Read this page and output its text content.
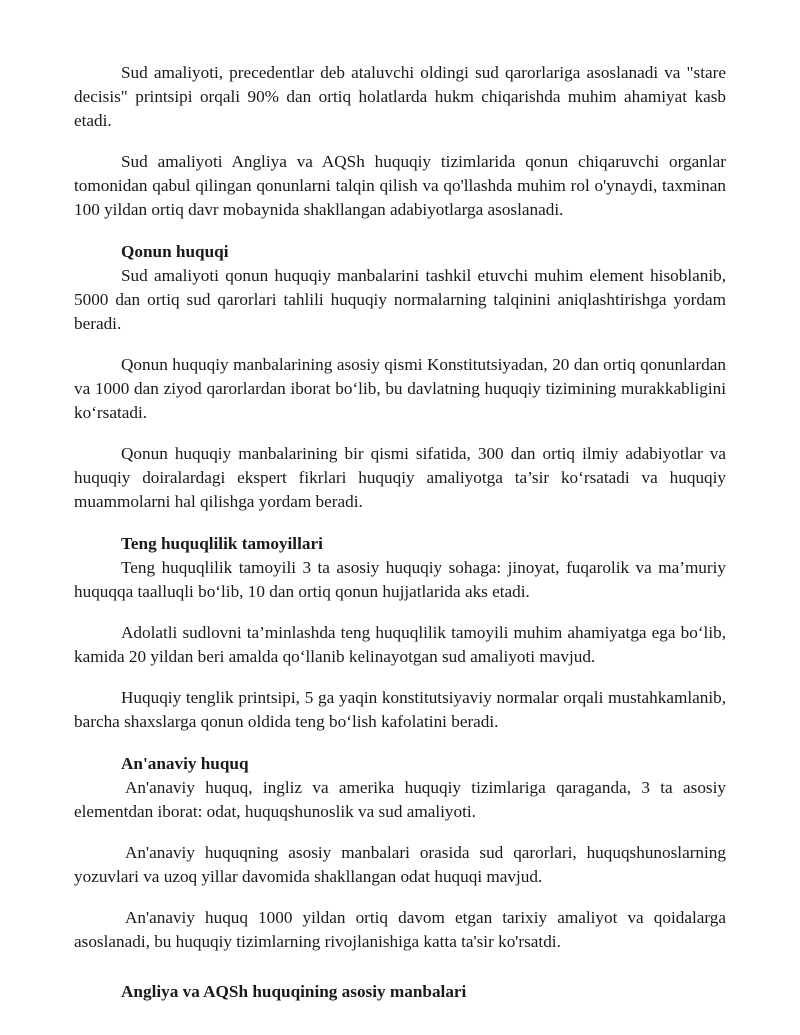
Sud amaliyoti, precedentlar deb ataluvchi oldingi sud qarorlariga asoslanadi va "stare decisis" printsipi orqali 90% dan ortiq holatlarda hukm chiqarishda muhim ahamiyat kasb etadi.

Sud amaliyoti Angliya va AQSh huquqiy tizimlarida qonun chiqaruvchi organlar tomonidan qabul qilingan qonunlarni talqin qilish va qo'llashda muhim rol o'ynaydi, taxminan 100 yildan ortiq davr mobaynida shakllangan adabiyotlarga asoslanadi.

Qonun huquqi

Sud amaliyoti qonun huquqiy manbalarini tashkil etuvchi muhim element hisoblanib, 5000 dan ortiq sud qarorlari tahlili huquqiy normalarning talqinini aniqlashtirishga yordam beradi.

Qonun huquqiy manbalarining asosiy qismi Konstitutsiyadan, 20 dan ortiq qonunlardan va 1000 dan ziyod qarorlardan iborat bo‘lib, bu davlatning huquqiy tizimining murakkabligini ko‘rsatadi.

Qonun huquqiy manbalarining bir qismi sifatida, 300 dan ortiq ilmiy adabiyotlar va huquqiy doiralardagi ekspert fikrlari huquqiy amaliyotga ta’sir ko‘rsatadi va huquqiy muammolarni hal qilishga yordam beradi.

Teng huquqlilik tamoyillari

Teng huquqlilik tamoyili 3 ta asosiy huquqiy sohaga: jinoyat, fuqarolik va ma’muriy huquqqa taalluqli bo‘lib, 10 dan ortiq qonun hujjatlarida aks etadi.

Adolatli sudlovni ta’minlashda teng huquqlilik tamoyili muhim ahamiyatga ega bo‘lib, kamida 20 yildan beri amalda qo‘llanib kelinayotgan sud amaliyoti mavjud.

Huquqiy tenglik printsipi, 5 ga yaqin konstitutsiyaviy normalar orqali mustahkamlanib, barcha shaxslarga qonun oldida teng bo‘lish kafolatini beradi.

An'anaviy huquq

An'anaviy huquq, ingliz va amerika huquqiy tizimlariga qaraganda, 3 ta asosiy elementdan iborat: odat, huquqshunoslik va sud amaliyoti.

An'anaviy huquqning asosiy manbalari orasida sud qarorlari, huquqshunoslarning yozuvlari va uzoq yillar davomida shakllangan odat huquqi mavjud.

An'anaviy huquq 1000 yildan ortiq davom etgan tarixiy amaliyot va qoidalarga asoslanadi, bu huquqiy tizimlarning rivojlanishiga katta ta'sir ko'rsatdi.

Angliya va AQSh huquqining asosiy manbalari
